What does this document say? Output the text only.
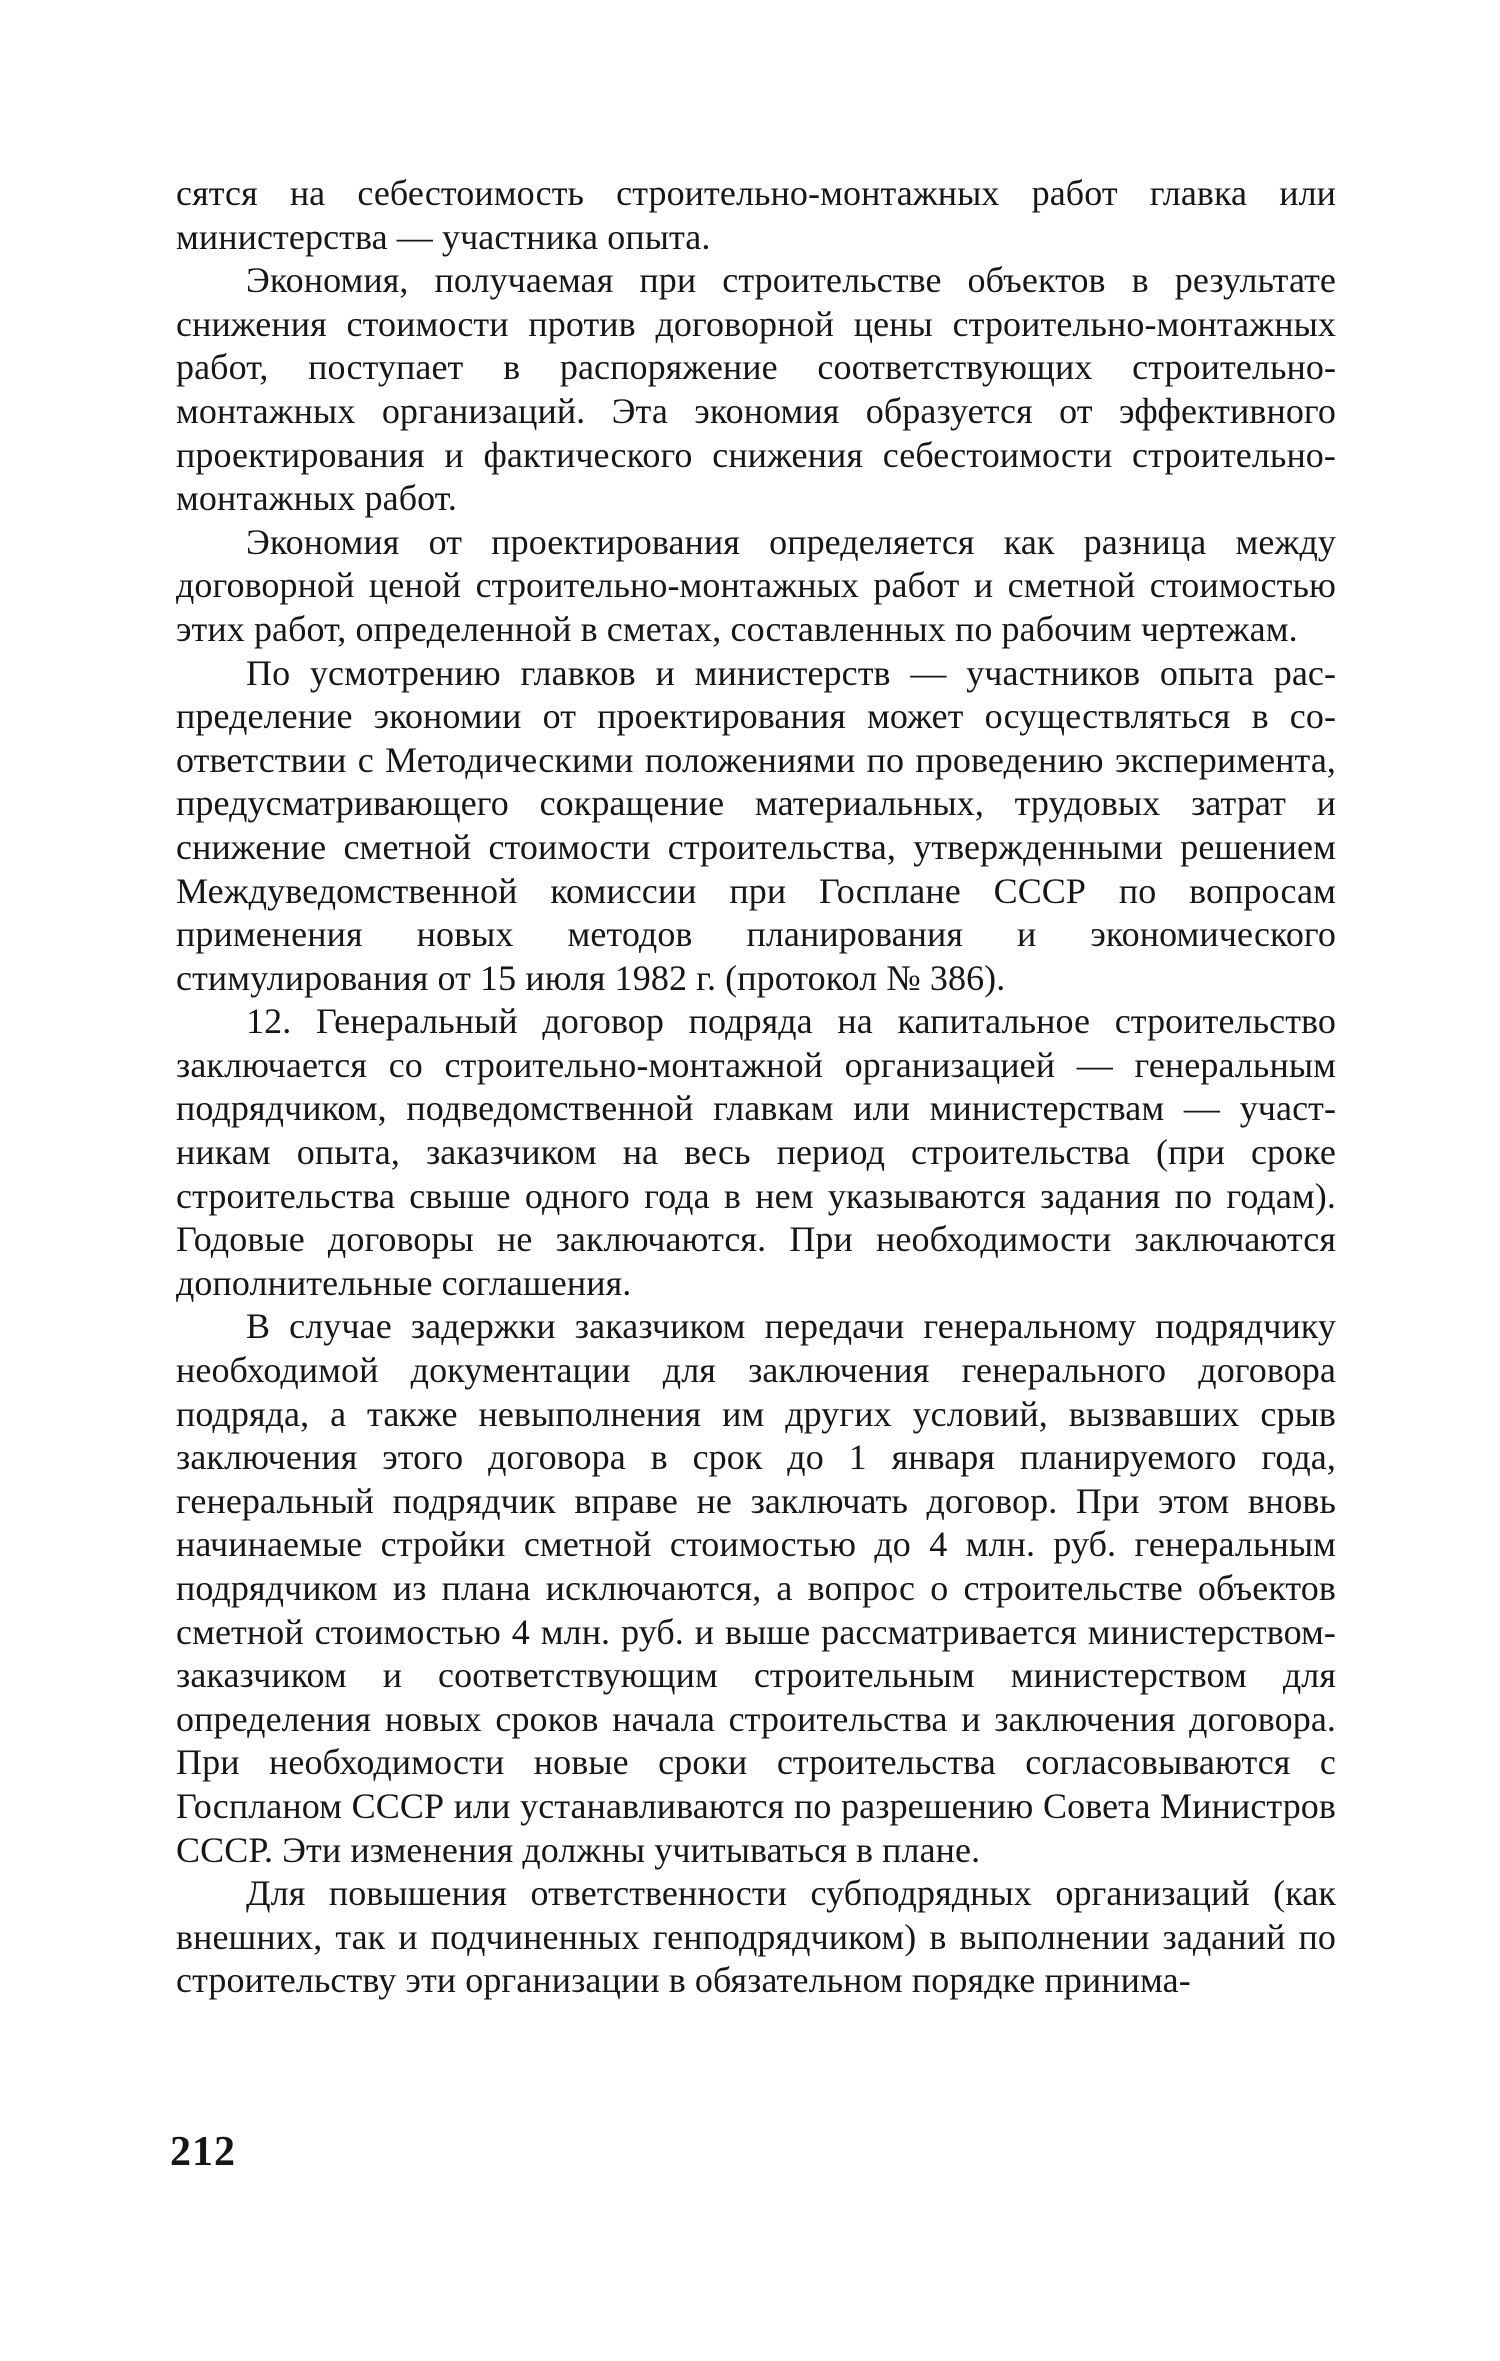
сятся на себестоимость строительно-монтажных работ главка или министерства — участника опыта.

Экономия, получаемая при строительстве объектов в результате снижения стоимости против договорной цены строительно-монтажных работ, поступает в распоряжение соответствующих строительномонтажных организаций. Эта экономия образуется от эффективного проектирования и фактического снижения себестоимости строительно-монтажных работ.

Экономия от проектирования определяется как разница между договорной ценой строительно-монтажных работ и сметной стоимостью этих работ, определенной в сметах, составленных по рабочим чертежам.

По усмотрению главков и министерств — участников опыта распределение экономии от проектирования может осуществляться в соответствии с Методическими положениями по проведению эксперимента, предусматривающего сокращение материальных, трудовых затрат и снижение сметной стоимости строительства, утвержденными решением Междуведомственной комиссии при Госплане СССР по вопросам применения новых методов планирования и экономического стимулирования от 15 июля 1982 г. (протокол № 386).

12. Генеральный договор подряда на капитальное строительство заключается со строительно-монтажной организацией — генеральным подрядчиком, подведомственной главкам или министерствам — участникам опыта, заказчиком на весь период строительства (при сроке строительства свыше одного года в нем указываются задания по годам). Годовые договоры не заключаются. При необходимости заключаются дополнительные соглашения.

В случае задержки заказчиком передачи генеральному подрядчику необходимой документации для заключения генерального договора подряда, а также невыполнения им других условий, вызвавших срыв заключения этого договора в срок до 1 января планируемого года, генеральный подрядчик вправе не заключать договор. При этом вновь начинаемые стройки сметной стоимостью до 4 млн. руб. генеральным подрядчиком из плана исключаются, а вопрос о строительстве объектов сметной стоимостью 4 млн. руб. и выше рассматривается министерством-заказчиком и соответствующим строительным министерством для определения новых сроков начала строительства и заключения договора. При необходимости новые сроки строительства согласовываются с Госпланом СССР или устанавливаются по разрешению Совета Министров СССР. Эти изменения должны учитываться в плане.

Для повышения ответственности субподрядных организаций (как внешних, так и подчиненных генподрядчиком) в выполнении заданий по строительству эти организации в обязательном порядке принима-

212
